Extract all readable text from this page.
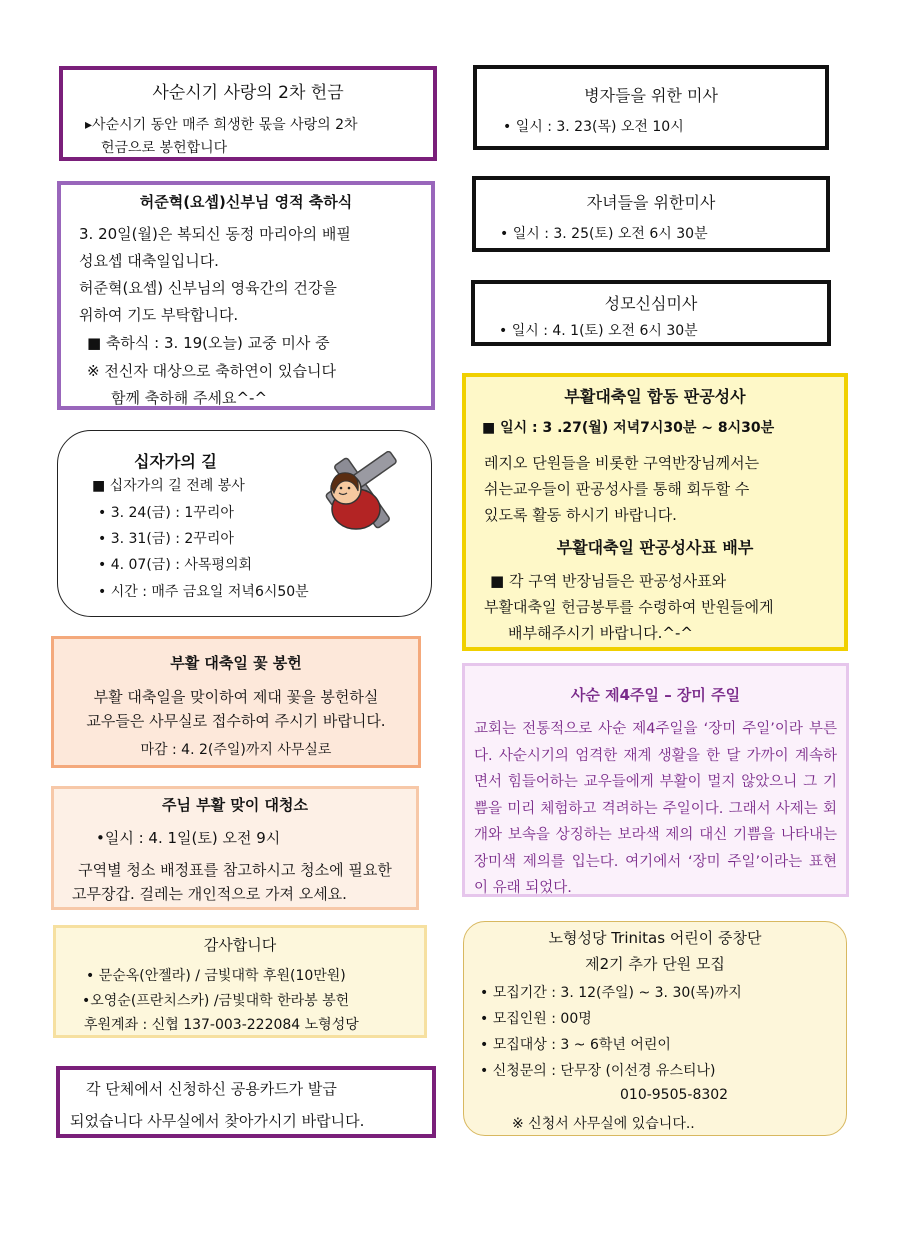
사순시기 사랑의 2차 헌금
▸사순시기 동안 매주 희생한 몫을 사랑의 2차
헌금으로 봉헌합니다
허준혁(요셉)신부님 영적 축하식
3. 20일(월)은 복되신 동정 마리아의 배필
성요셉 대축일입니다.
허준혁(요셉) 신부님의 영육간의 건강을
위하여 기도 부탁합니다.
■ 축하식 : 3. 19(오늘) 교중 미사 중
※ 전신자 대상으로 축하연이 있습니다
함께 축하해 주세요^-^
십자가의 길
■ 십자가의 길 전례 봉사
• 3. 24(금) : 1꾸리아
• 3. 31(금) : 2꾸리아
• 4. 07(금) : 사목평의회
• 시간 : 매주 금요일 저녁6시50분
부활 대축일 꽃 봉헌
부활 대축일을 맞이하여 제대 꽃을 봉헌하실
교우들은 사무실로 접수하여 주시기 바랍니다.
마감 : 4. 2(주일)까지 사무실로
주님 부활 맞이 대청소
•일시 : 4. 1일(토) 오전 9시
구역별 청소 배정표를 참고하시고 청소에 필요한
고무장갑. 걸레는 개인적으로 가져 오세요.
감사합니다
• 문순옥(안젤라) / 금빛대학 후원(10만원)
•오영순(프란치스카) /금빛대학 한라봉 봉헌
후원계좌 : 신협 137-003-222084 노형성당
각 단체에서 신청하신 공용카드가 발급
되었습니다 사무실에서 찾아가시기 바랍니다.
병자들을 위한 미사
• 일시 : 3. 23(목) 오전 10시
자녀들을 위한미사
• 일시 : 3. 25(토) 오전 6시 30분
성모신심미사
• 일시 : 4. 1(토) 오전 6시 30분
부활대축일 합동 판공성사
■ 일시 : 3 .27(월) 저녁7시30분 ~ 8시30분
레지오 단원들을 비롯한 구역반장님께서는
쉬는교우들이 판공성사를 통해 회두할 수
있도록 활동 하시기 바랍니다.
부활대축일 판공성사표 배부
■ 각 구역 반장님들은 판공성사표와
부활대축일 헌금봉투를 수령하여 반원들에게
배부해주시기 바랍니다.^-^
사순 제4주일 – 장미 주일
교회는 전통적으로 사순 제4주일을 ‘장미 주일’이라 부른다. 사순시기의 엄격한 재계 생활을 한 달 가까이 계속하면서 힘들어하는 교우들에게 부활이 멀지 않았으니 그 기쁨을 미리 체험하고 격려하는 주일이다. 그래서 사제는 회개와 보속을 상징하는 보라색 제의 대신 기쁨을 나타내는 장미색 제의를 입는다. 여기에서 ‘장미 주일’이라는 표현이 유래 되었다.
노형성당 Trinitas 어린이 중창단
제2기 추가 단원 모집
• 모집기간 : 3. 12(주일) ~ 3. 30(목)까지
• 모집인원 : 00명
• 모집대상 : 3 ~ 6학년 어린이
• 신청문의 : 단무장 (이선경 유스티나)
010-9505-8302
※ 신청서 사무실에 있습니다..
